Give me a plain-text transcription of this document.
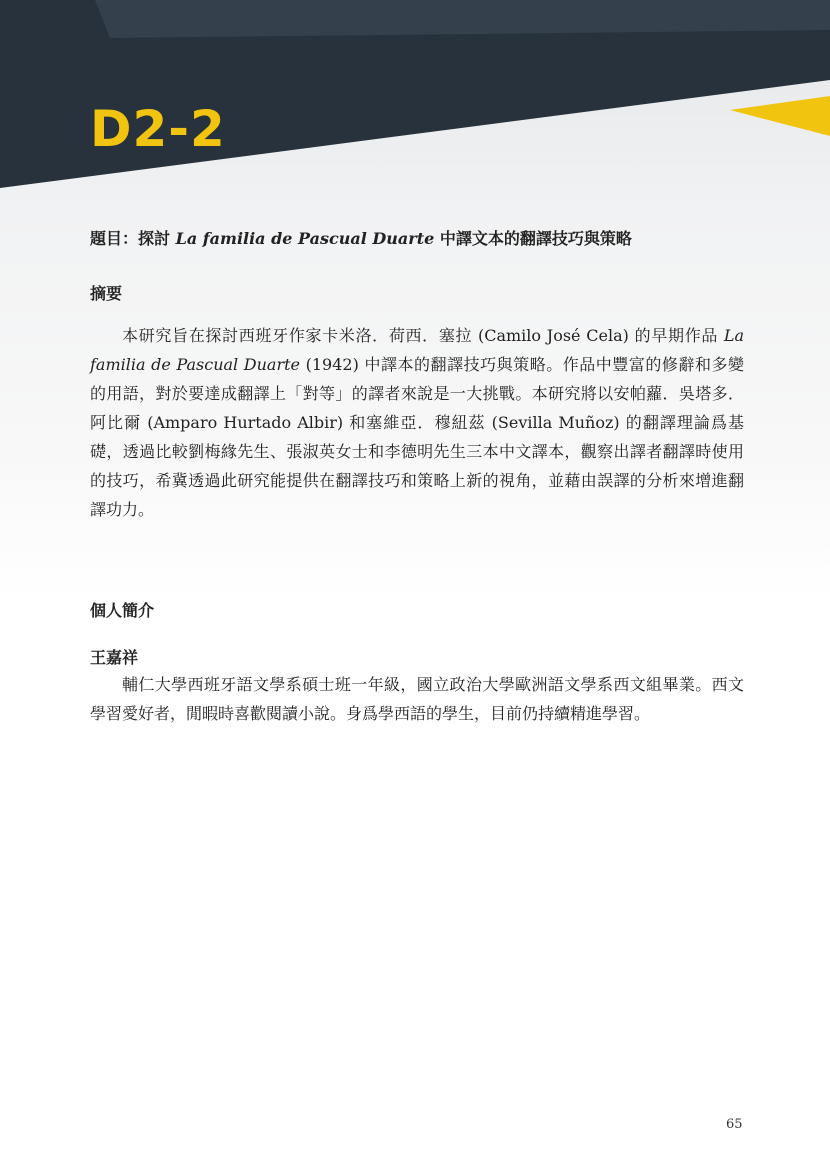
D2-2
題目：探討 La familia de Pascual Duarte 中譯文本的翻譯技巧與策略
摘要

本研究旨在探討西班牙作家卡米洛．荷西．塞拉 (Camilo José Cela) 的早期作品 La familia de Pascual Duarte (1942) 中譯本的翻譯技巧與策略。作品中豐富的修辭和多變的用語，對於要達成翻譯上「對等」的譯者來說是一大挑戰。本研究將以安帕蘿．吳塔多．阿比爾 (Amparo Hurtado Albir) 和塞維亞．穆紐茲 (Sevilla Muñoz) 的翻譯理論爲基礎，透過比較劉梅緣先生、張淑英女士和李德明先生三本中文譯本，觀察出譯者翻譯時使用的技巧，希冀透過此研究能提供在翻譯技巧和策略上新的視角，並藉由誤譯的分析來增進翻譯功力。

個人簡介
王嘉祥

輔仁大學西班牙語文學系碩士班一年級，國立政治大學歐洲語文學系西文組畢業。西文學習愛好者，閒暇時喜歡閱讀小說。身爲學西語的學生，目前仍持續精進學習。

65
